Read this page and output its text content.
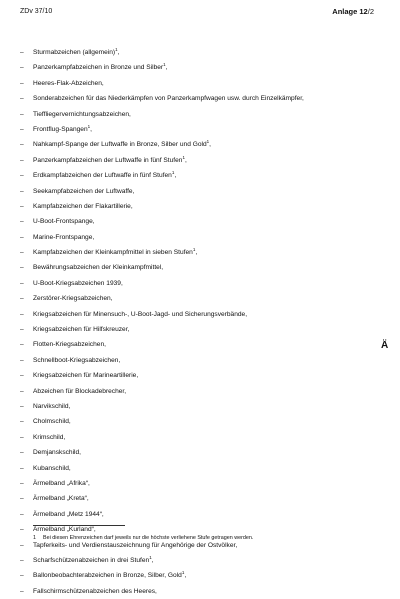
ZDv 37/10	Anlage 12/2
– Sturmabzeichen (allgemein)$^1$,
– Panzerkampfabzeichen in Bronze und Silber$^1$,
– Heeres-Flak-Abzeichen,
– Sonderabzeichen für das Niederkämpfen von Panzerkampfwagen usw. durch Einzelkämpfer,
– Tieffliegervernichtungsabzeichen,
– Frontflug-Spangen$^1$,
– Nahkampf-Spange der Luftwaffe in Bronze, Silber und Gold$^1$,
– Panzerkampfabzeichen der Luftwaffe in fünf Stufen$^1$,
– Erdkampfabzeichen der Luftwaffe in fünf Stufen$^1$,
– Seekampfabzeichen der Luftwaffe,
– Kampfabzeichen der Flakartillerie,
– U-Boot-Frontspange,
– Marine-Frontspange,
– Kampfabzeichen der Kleinkampfmittel in sieben Stufen$^1$,
– Bewährungsabzeichen der Kleinkampfmittel,
– U-Boot-Kriegsabzeichen 1939,
– Zerstörer-Kriegsabzeichen,
– Kriegsabzeichen für Minensuch-, U-Boot-Jagd- und Sicherungsverbände,
– Kriegsabzeichen für Hilfskreuzer,
– Flotten-Kriegsabzeichen,
– Schnellboot-Kriegsabzeichen,
– Kriegsabzeichen für Marineartillerie,
– Abzeichen für Blockadebrecher,
– Narvikschild,
– Cholmschild,
– Krimschild,
– Demjanskschild,
– Kubanschild,
– Ärmelband „Afrika“,
– Ärmelband „Kreta“,
– Ärmelband „Metz 1944“,
– Ärmelband „Kurland“,
– Tapferkeits- und Verdienstauszeichnung für Angehörige der Ostvölker,
– Scharfschützenabzeichen in drei Stufen$^1$,
– Ballonbeobachterabzeichen in Bronze, Silber, Gold$^1$,
– Fallschirmschützenabzeichen des Heeres,
Ä
1 Bei diesen Ehrenzeichen darf jeweils nur die höchste verliehene Stufe getragen werden.
